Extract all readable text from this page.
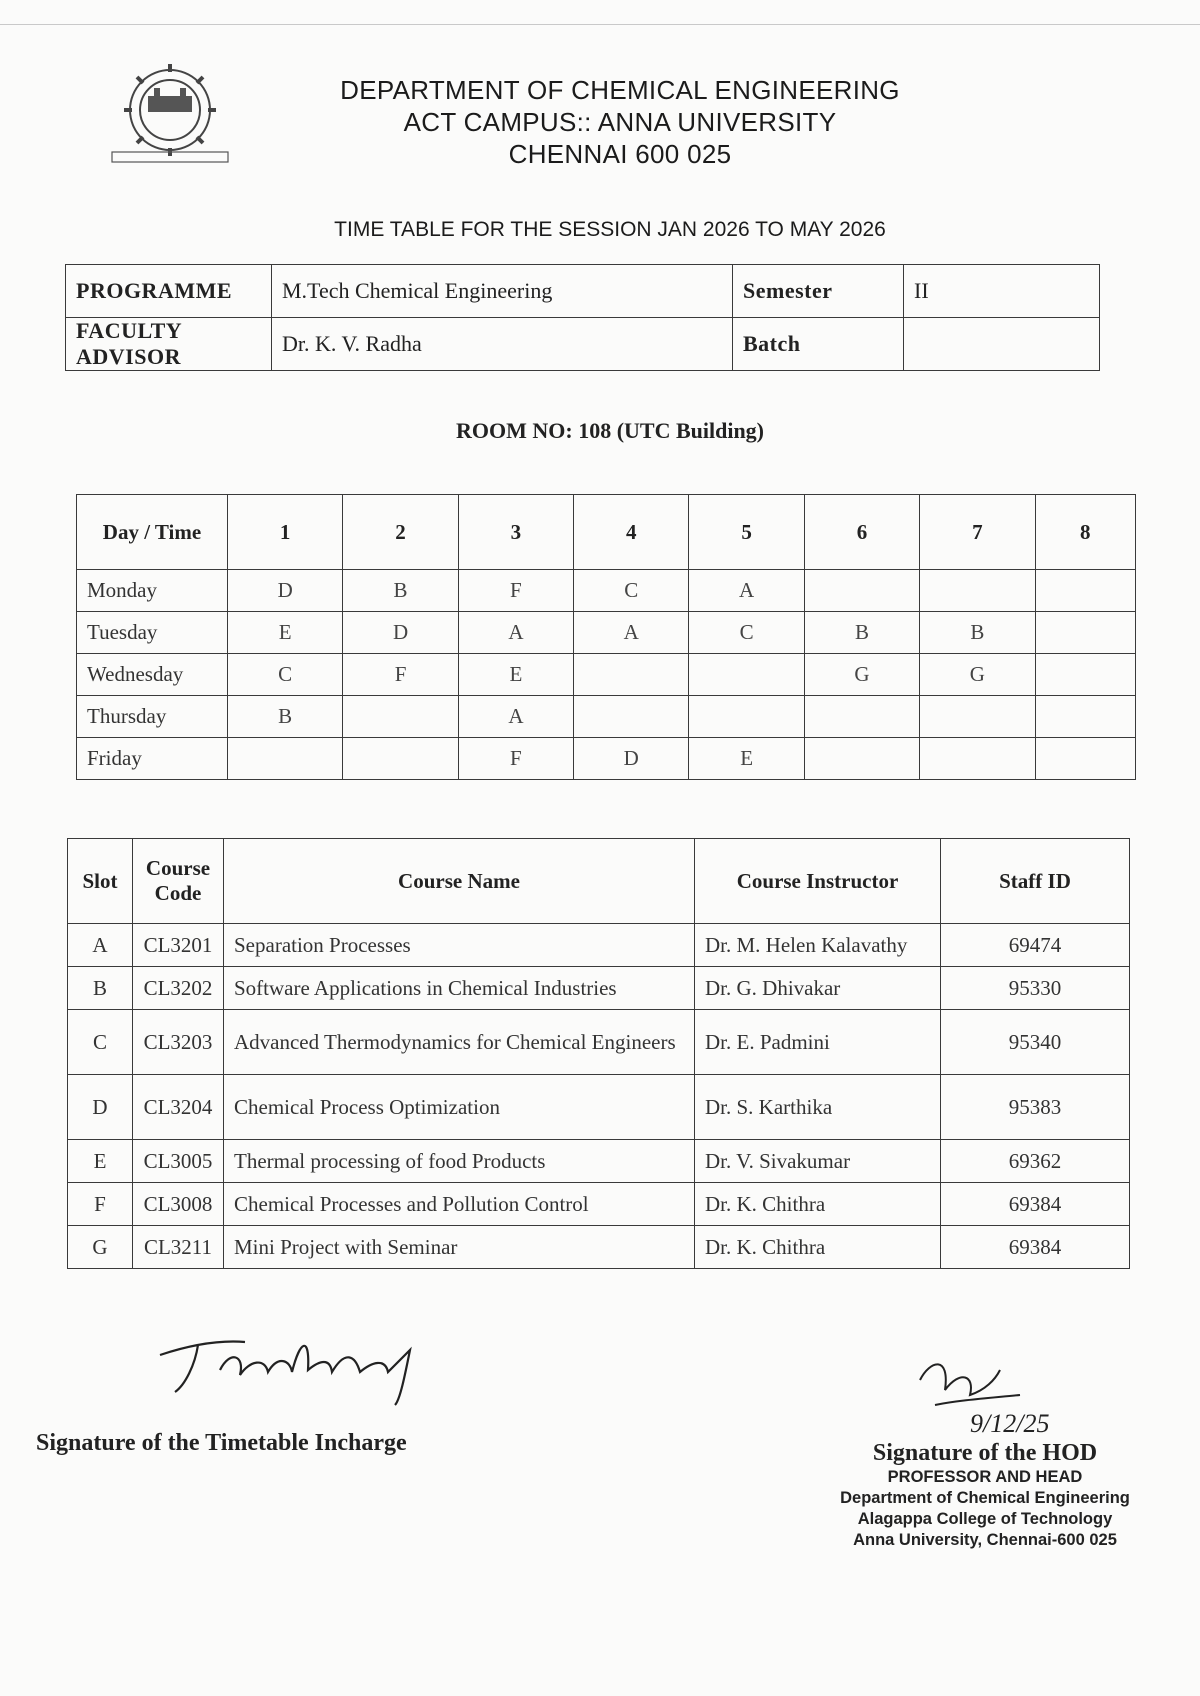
DEPARTMENT OF CHEMICAL ENGINEERING
ACT CAMPUS:: ANNA UNIVERSITY
CHENNAI 600 025
TIME TABLE FOR THE SESSION JAN 2026 TO MAY 2026
PROGRAMME	M.Tech Chemical Engineering	Semester	II
FACULTY ADVISOR	Dr. K. V. Radha	Batch	
ROOM NO: 108 (UTC Building)
Day / Time	1	2	3	4	5	6	7	8
Monday	D	B	F	C	A			
Tuesday	E	D	A	A	C	B	B	
Wednesday	C	F	E			G	G	
Thursday	B		A					
Friday			F	D	E			
Slot	Course Code	Course Name	Course Instructor	Staff ID
A	CL3201	Separation Processes	Dr. M. Helen Kalavathy	69474
B	CL3202	Software Applications in Chemical Industries	Dr. G. Dhivakar	95330
C	CL3203	Advanced Thermodynamics for Chemical Engineers	Dr. E. Padmini	95340
D	CL3204	Chemical Process Optimization	Dr. S. Karthika	95383
E	CL3005	Thermal processing of food Products	Dr. V. Sivakumar	69362
F	CL3008	Chemical Processes and Pollution Control	Dr. K. Chithra	69384
G	CL3211	Mini Project with Seminar	Dr. K. Chithra	69384
Signature of the Timetable Incharge
9/12/25
Signature of the HOD
PROFESSOR AND HEAD
Department of Chemical Engineering
Alagappa College of Technology
Anna University, Chennai-600 025
